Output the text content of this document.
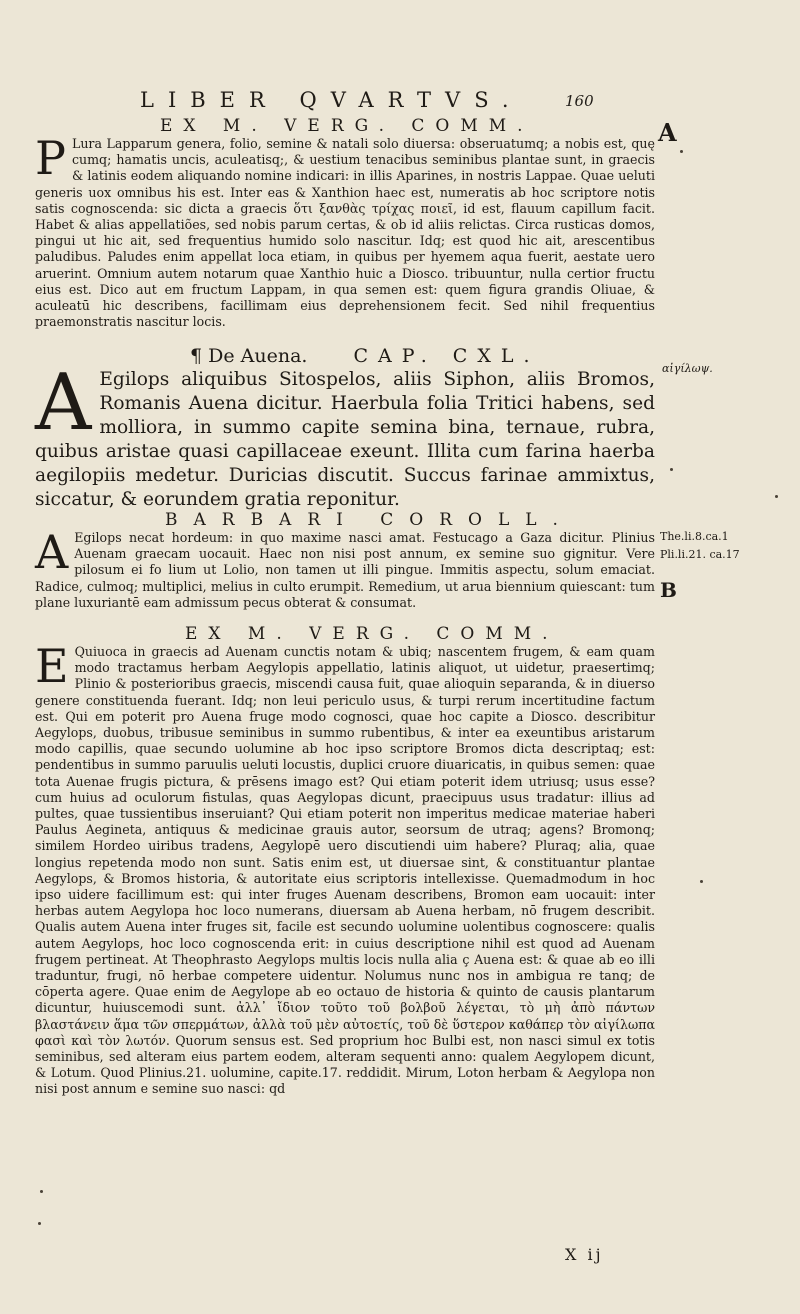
LIBER QVARTVS.	160
A
αἰγίλωψ.
The.li.8.ca.1
Pli.li.21. ca.17
B
EX M. VERG. COMM.

P Lura Lapparum genera, folio, semine & natali solo diuersa: obseruatumq; a nobis est, quę cumq; hamatis uncis, aculeatisq;, & uestium tenacibus seminibus plantae sunt, in graecis & latinis eodem aliquando nomine indicari: in illis Aparines, in nostris Lappae. Quae ueluti generis uox omnibus his est. Inter eas & Xanthion haec est, numeratis ab hoc scriptore notis satis cognoscenda: sic dicta a graecis ὅτι ξανθὰς τρίχας ποιεῖ, id est, flauum capillum facit. Habet & alias appellatiões, sed nobis parum certas, & ob id aliis relictas. Circa rusticas domos, pingui ut hic ait, sed frequentius humido solo nascitur. Idq; est quod hic ait, arescentibus paludibus. Paludes enim appellat loca etiam, in quibus per hyemem aqua fuerit, aestate uero aruerint. Omnium autem notarum quae Xanthio huic a Diosco. tribuuntur, nulla certior fructu eius est. Dico aut em fructum Lappam, in qua semen est: quem figura grandis Oliuae, & aculeatū hic describens, facillimam eius deprehensionem fecit. Sed nihil frequentius praemonstratis nascitur locis.

¶ De Auena. CAP. CXL.

A Egilops aliquibus Sitospelos, aliis Siphon, aliis Bromos, Romanis Auena dicitur. Haerbula folia Tritici habens, sed molliora, in summo capite semina bina, ternaue, rubra, quibus aristae quasi capillaceae exeunt. Illita cum farina haerba aegilopiis medetur. Duricias discutit. Succus farinae ammixtus, siccatur, & eorundem gratia reponitur.

BARBARI COROLL.

A Egilops necat hordeum: in quo maxime nasci amat. Festucago a Gaza dicitur. Plinius Auenam graecam uocauit. Haec non nisi post annum, ex semine suo gignitur. Vere pilosum ei fo lium ut Lolio, non tamen ut illi pingue. Immitis aspectu, solum emaciat. Radice, culmoq; multiplici, melius in culto erumpit. Remedium, ut arua biennium quiescant: tum plane luxuriantē eam admissum pecus obterat & consumat.

EX M. VERG. COMM.

E Quiuoca in graecis ad Auenam cunctis notam & ubiq; nascentem frugem, & eam quam modo tractamus herbam Aegylopis appellatio, latinis aliquot, ut uidetur, praesertimq; Plinio & posterioribus graecis, miscendi causa fuit, quae alioquin separanda, & in diuerso genere constituenda fuerant. Idq; non leui periculo usus, & turpi rerum incertitudine factum est. Qui em poterit pro Auena fruge modo cognosci, quae hoc capite a Diosco. describitur Aegylops, duobus, tribusue seminibus in summo rubentibus, & inter ea exeuntibus aristarum modo capillis, quae secundo uolumine ab hoc ipso scriptore Bromos dicta descriptaq; est: pendentibus in summo paruulis ueluti locustis, duplici cruore diuaricatis, in quibus semen: quae tota Auenae frugis pictura, & prēsens imago est? Qui etiam poterit idem utriusq; usus esse? cum huius ad oculorum fistulas, quas Aegylopas dicunt, praecipuus usus tradatur: illius ad pultes, quae tussientibus inseruiant? Qui etiam poterit non imperitus medicae materiae haberi Paulus Aegineta, antiquus & medicinae grauis autor, seorsum de utraq; agens? Bromonq; similem Hordeo uiribus tradens, Aegylopē uero discutiendi uim habere? Pluraq; alia, quae longius repetenda modo non sunt. Satis enim est, ut diuersae sint, & constituantur plantae Aegylops, & Bromos historia, & autoritate eius scriptoris intellexisse. Quemadmodum in hoc ipso uidere facillimum est: qui inter fruges Auenam describens, Bromon eam uocauit: inter herbas autem Aegylopa hoc loco numerans, diuersam ab Auena herbam, nō frugem describit. Qualis autem Auena inter fruges sit, facile est secundo uolumine uolentibus cognoscere: qualis autem Aegylops, hoc loco cognoscenda erit: in cuius descriptione nihil est quod ad Auenam frugem pertineat. At Theophrasto Aegylops multis locis nulla alia ç Auena est: & quae ab eo illi traduntur, frugi, nō herbae competere uidentur. Nolumus nunc nos in ambigua re tanq; de cōperta agere. Quae enim de Aegylope ab eo octauo de historia & quinto de causis plantarum dicuntur, huiuscemodi sunt. ἀλλ᾽ ἴδιον τοῦτο τοῦ βολβοῦ λέγεται, τὸ μὴ ἀπὸ πάντων βλαστάνειν ἅμα τῶν σπερμάτων, ἀλλὰ τοῦ μὲν αὐτοετίς, τοῦ δὲ ὕστερον καθάπερ τὸν αἰγίλωπα φασὶ καὶ τὸν λωτόν. Quorum sensus est. Sed proprium hoc Bulbi est, non nasci simul ex totis seminibus, sed alteram eius partem eodem, alteram sequenti anno: qualem Aegylopem dicunt, & Lotum. Quod Plinius.21. uolumine, capite.17. reddidit. Mirum, Loton herbam & Aegylopa non nisi post annum e semine suo nasci: qd

X ij
